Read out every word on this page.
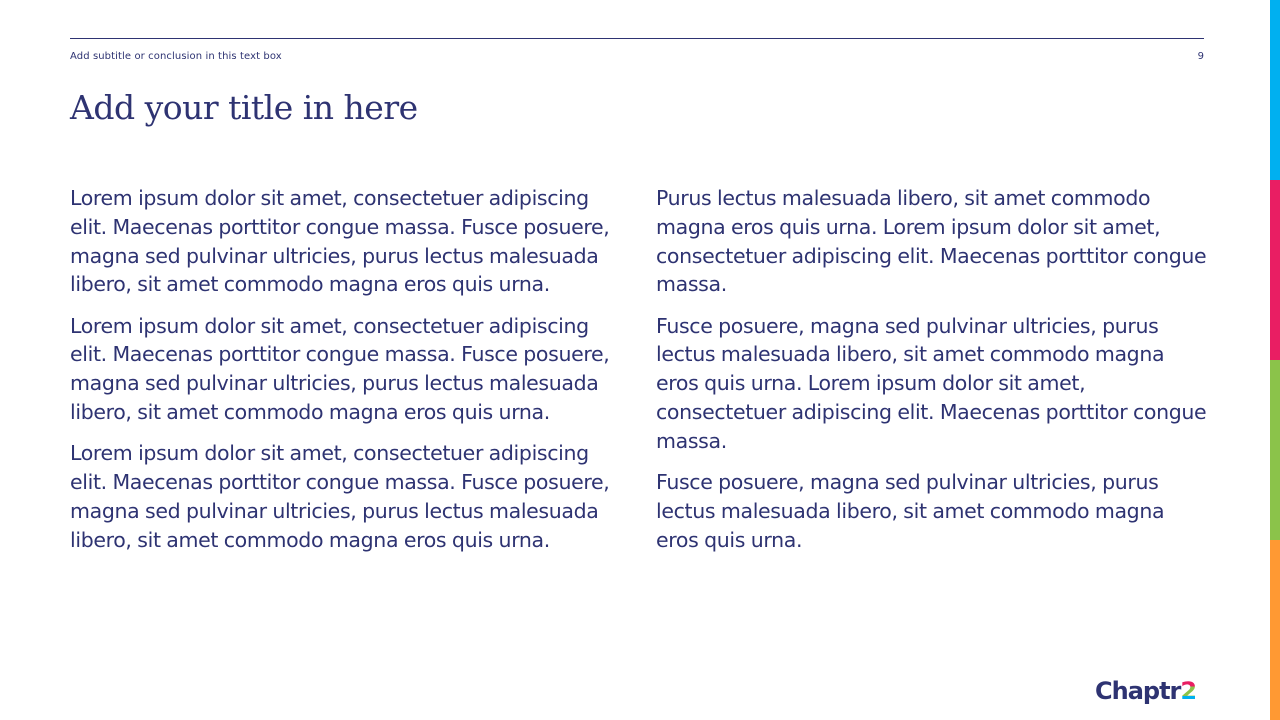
Add subtitle or conclusion in this text box	9
Add your title in here

Lorem ipsum dolor sit amet, consectetuer adipiscing elit. Maecenas porttitor congue massa. Fusce posuere, magna sed pulvinar ultricies, purus lectus malesuada libero, sit amet commodo magna eros quis urna.

Lorem ipsum dolor sit amet, consectetuer adipiscing elit. Maecenas porttitor congue massa. Fusce posuere, magna sed pulvinar ultricies, purus lectus malesuada libero, sit amet commodo magna eros quis urna.

Lorem ipsum dolor sit amet, consectetuer adipiscing elit. Maecenas porttitor congue massa. Fusce posuere, magna sed pulvinar ultricies, purus lectus malesuada libero, sit amet commodo magna eros quis urna.

Purus lectus malesuada libero, sit amet commodo magna eros quis urna. Lorem ipsum dolor sit amet, consectetuer adipiscing elit. Maecenas porttitor congue massa.

Fusce posuere, magna sed pulvinar ultricies, purus lectus malesuada libero, sit amet commodo magna eros quis urna. Lorem ipsum dolor sit amet, consectetuer adipiscing elit. Maecenas porttitor congue massa.

Fusce posuere, magna sed pulvinar ultricies, purus lectus malesuada libero, sit amet commodo magna eros quis urna.

Chaptr2
